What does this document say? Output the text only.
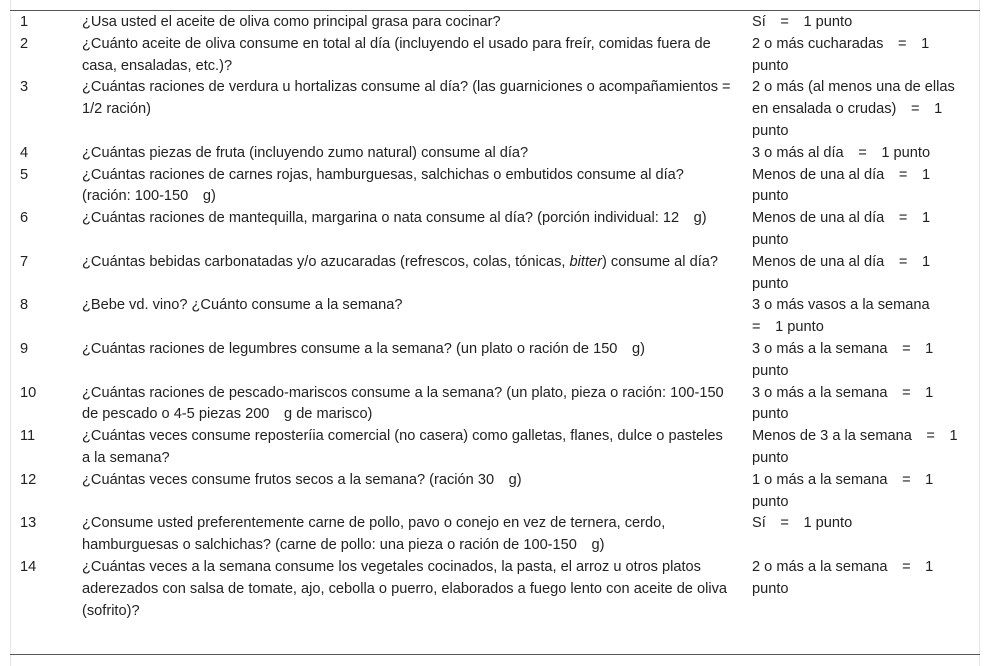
1	¿Usa usted el aceite de oliva como principal grasa para cocinar?	Sí  =  1 punto
2	¿Cuánto aceite de oliva consume en total al día (incluyendo el usado para freír, comidas fuera de casa, ensaladas, etc.)?	2 o más cucharadas  =  1 punto
3	¿Cuántas raciones de verdura u hortalizas consume al día? (las guarniciones o acompañamientos = 1/2 ración)	2 o más (al menos una de ellas en ensalada o crudas)  =  1 punto
4	¿Cuántas piezas de fruta (incluyendo zumo natural) consume al día?	3 o más al día  =  1 punto
5	¿Cuántas raciones de carnes rojas, hamburguesas, salchichas o embutidos consume al día? (ración: 100-150  g)	Menos de una al día  =  1 punto
6	¿Cuántas raciones de mantequilla, margarina o nata consume al día? (porción individual: 12  g)	Menos de una al día  =  1 punto
7	¿Cuántas bebidas carbonatadas y/o azucaradas (refrescos, colas, tónicas, bitter) consume al día?	Menos de una al día  =  1 punto
8	¿Bebe vd. vino? ¿Cuánto consume a la semana?	3 o más vasos a la semana  =  1 punto
9	¿Cuántas raciones de legumbres consume a la semana? (un plato o ración de 150  g)	3 o más a la semana  =  1 punto
10	¿Cuántas raciones de pescado-mariscos consume a la semana? (un plato, pieza o ración: 100-150 de pescado o 4-5 piezas 200  g de marisco)	3 o más a la semana  =  1 punto
11	¿Cuántas veces consume reposteríia comercial (no casera) como galletas, flanes, dulce o pasteles a la semana?	Menos de 3 a la semana  =  1 punto
12	¿Cuántas veces consume frutos secos a la semana? (ración 30  g)	1 o más a la semana  =  1 punto
13	¿Consume usted preferentemente carne de pollo, pavo o conejo en vez de ternera, cerdo, hamburguesas o salchichas? (carne de pollo: una pieza o ración de 100-150  g)	Sí  =  1 punto
14	¿Cuántas veces a la semana consume los vegetales cocinados, la pasta, el arroz u otros platos aderezados con salsa de tomate, ajo, cebolla o puerro, elaborados a fuego lento con aceite de oliva (sofrito)?	2 o más a la semana  =  1 punto
